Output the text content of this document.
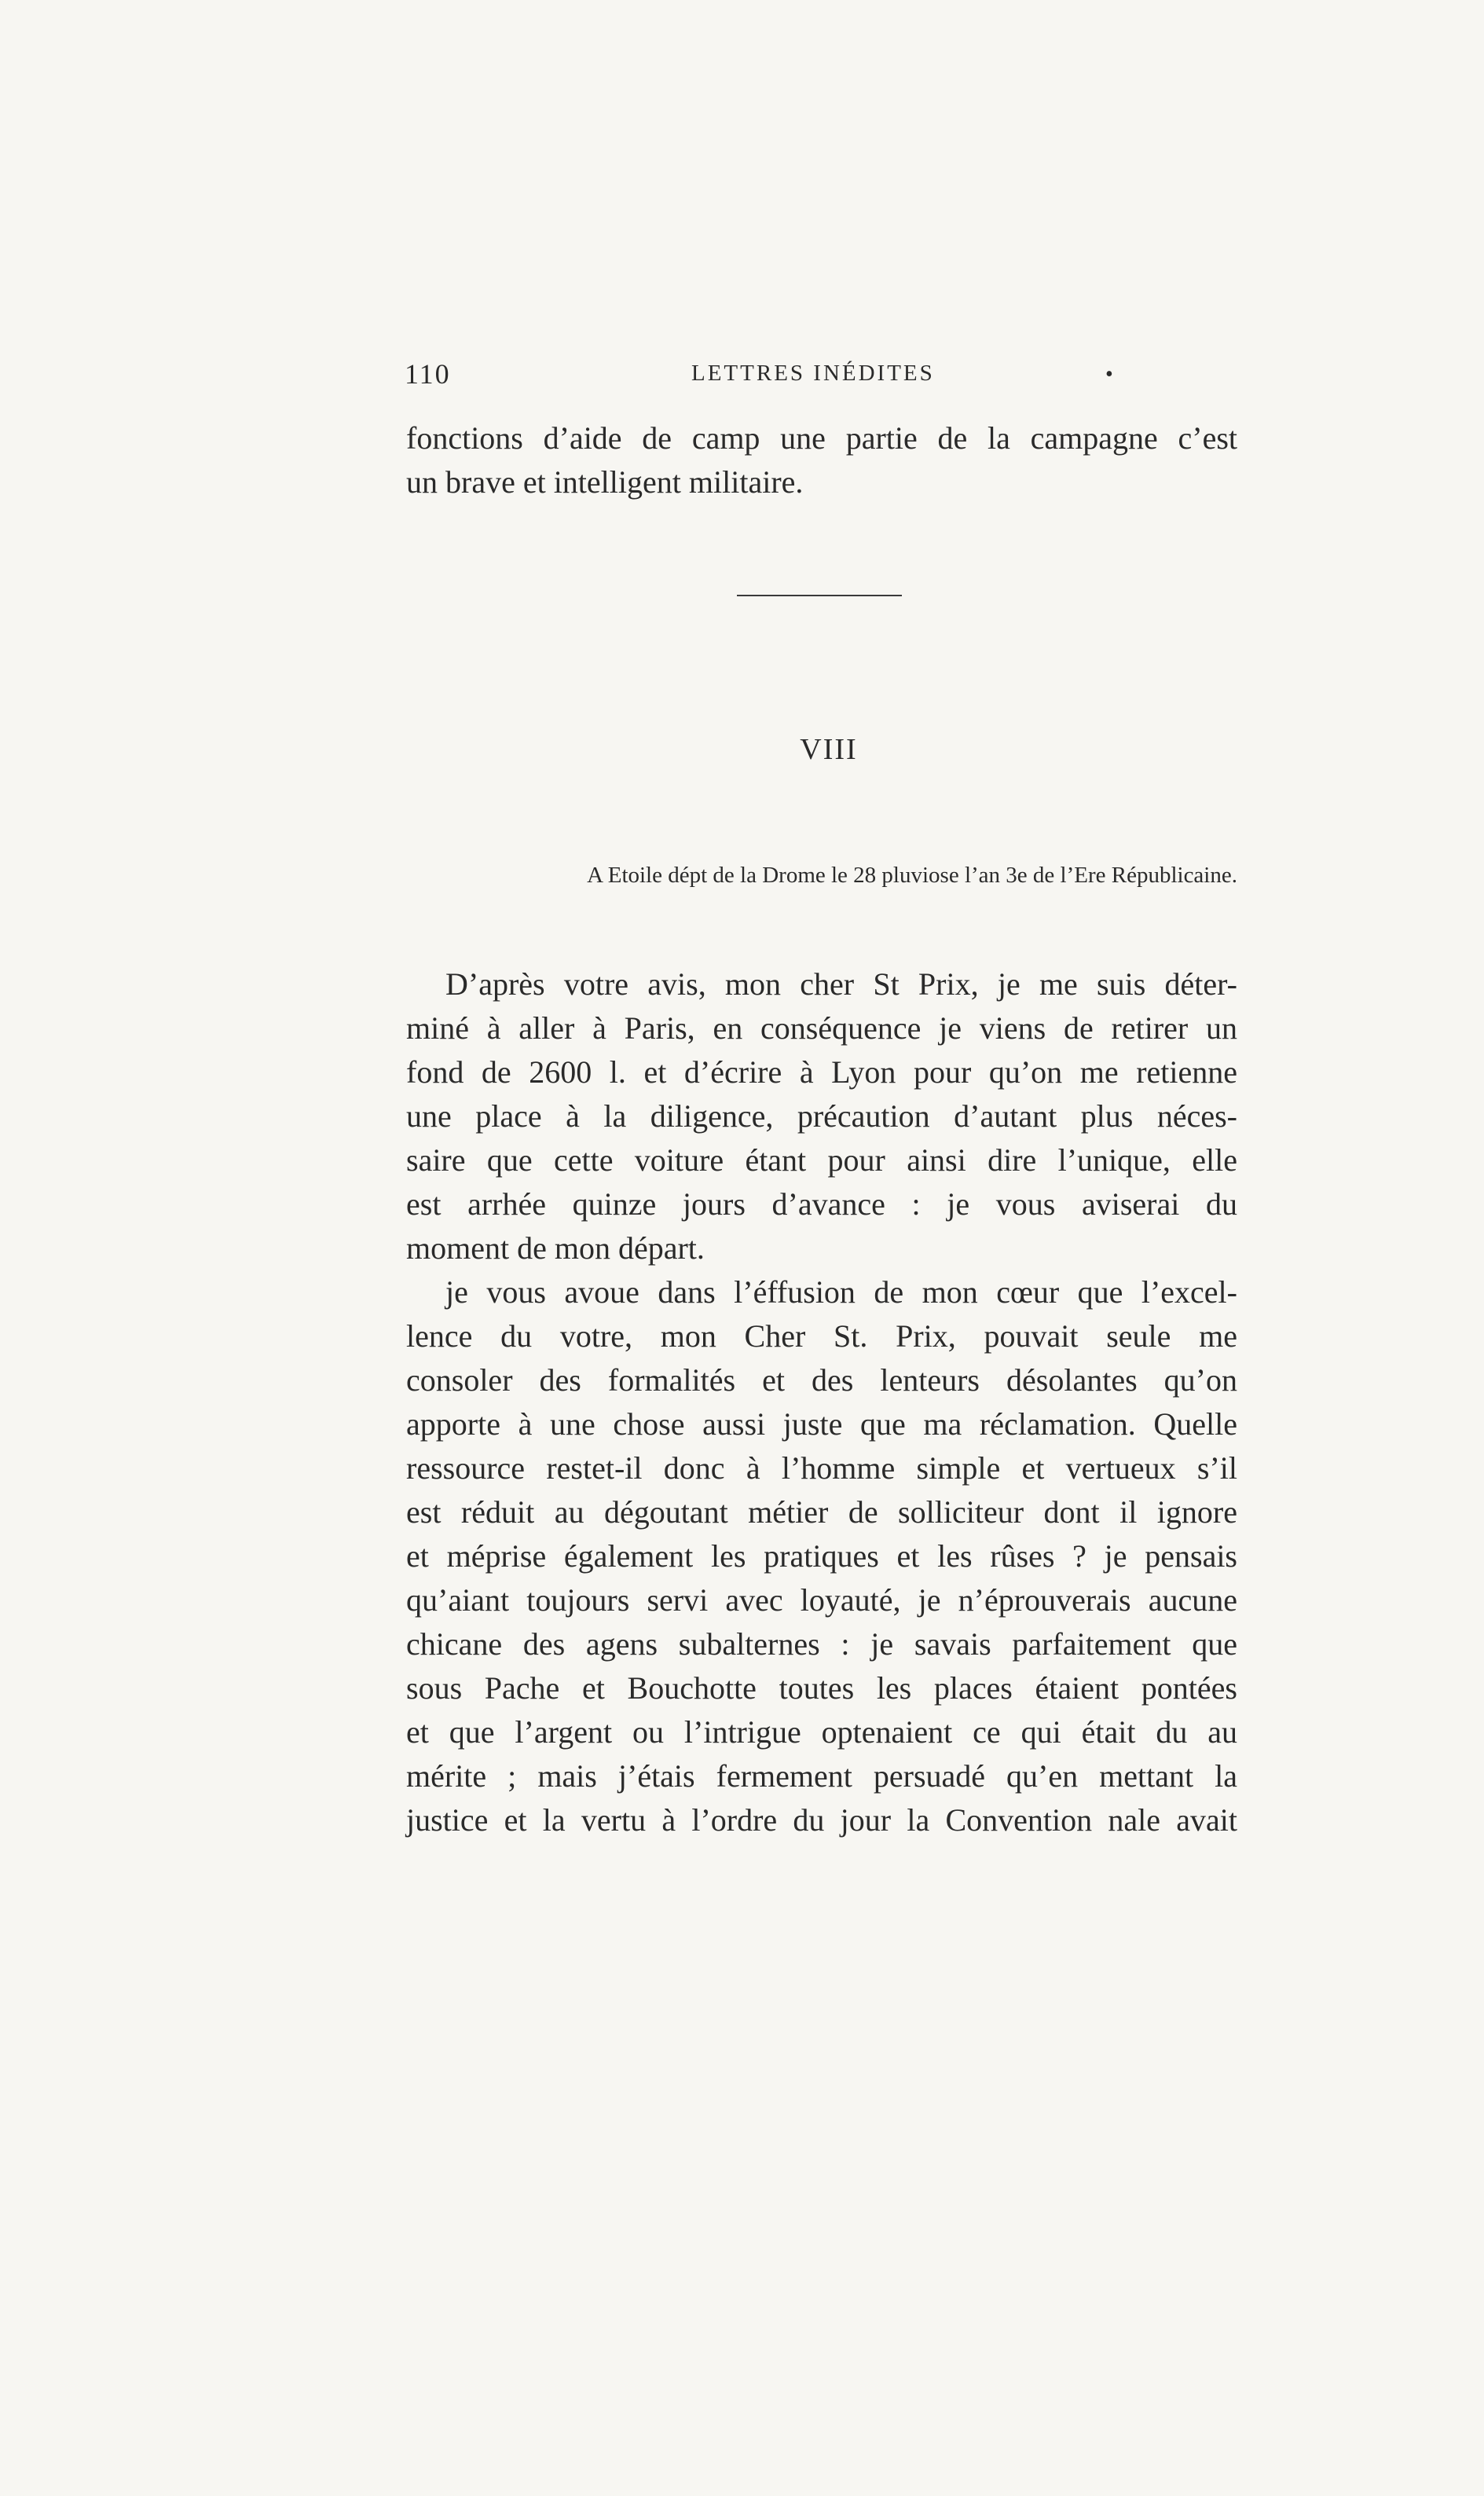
110	LETTRES INÉDITES	•
fonctions d’aide de camp une partie de la campagne c’est
un brave et intelligent militaire.
VIII
A Etoile dépt de la Drome le 28 pluviose l’an 3e de l’Ere Républicaine.
D’après votre avis, mon cher St Prix, je me suis déter-
miné à aller à Paris, en conséquence je viens de retirer un
fond de 2600 l. et d’écrire à Lyon pour qu’on me retienne
une place à la diligence, précaution d’autant plus néces-
saire que cette voiture étant pour ainsi dire l’unique, elle
est arrhée quinze jours d’avance : je vous aviserai du
moment de mon départ.
je vous avoue dans l’éffusion de mon cœur que l’excel-
lence du votre, mon Cher St. Prix, pouvait seule me
consoler des formalités et des lenteurs désolantes qu’on
apporte à une chose aussi juste que ma réclamation. Quelle
ressource restet-il donc à l’homme simple et vertueux s’il
est réduit au dégoutant métier de solliciteur dont il ignore
et méprise également les pratiques et les rûses ? je pensais
qu’aiant toujours servi avec loyauté, je n’éprouverais aucune
chicane des agens subalternes : je savais parfaitement que
sous Pache et Bouchotte toutes les places étaient pontées
et que l’argent ou l’intrigue optenaient ce qui était du au
mérite ; mais j’étais fermement persuadé qu’en mettant la
justice et la vertu à l’ordre du jour la Convention nale avait
